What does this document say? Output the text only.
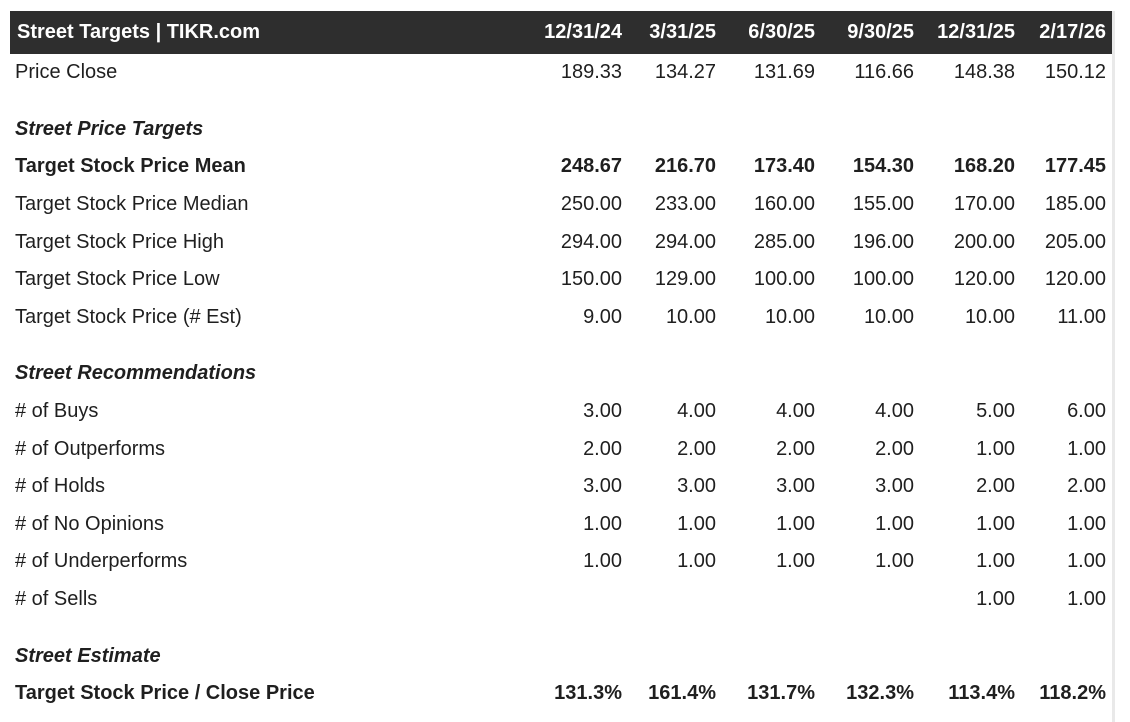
Street Targets | TIKR.com	12/31/24	3/31/25	6/30/25	9/30/25	12/31/25	2/17/26
Price Close	189.33	134.27	131.69	116.66	148.38	150.12

Street Price Targets						
Target Stock Price Mean	248.67	216.70	173.40	154.30	168.20	177.45
Target Stock Price Median	250.00	233.00	160.00	155.00	170.00	185.00
Target Stock Price High	294.00	294.00	285.00	196.00	200.00	205.00
Target Stock Price Low	150.00	129.00	100.00	100.00	120.00	120.00
Target Stock Price (# Est)	9.00	10.00	10.00	10.00	10.00	11.00

Street Recommendations						
# of Buys	3.00	4.00	4.00	4.00	5.00	6.00
# of Outperforms	2.00	2.00	2.00	2.00	1.00	1.00
# of Holds	3.00	3.00	3.00	3.00	2.00	2.00
# of No Opinions	1.00	1.00	1.00	1.00	1.00	1.00
# of Underperforms	1.00	1.00	1.00	1.00	1.00	1.00
# of Sells					1.00	1.00

Street Estimate						
Target Stock Price / Close Price	131.3%	161.4%	131.7%	132.3%	113.4%	118.2%
